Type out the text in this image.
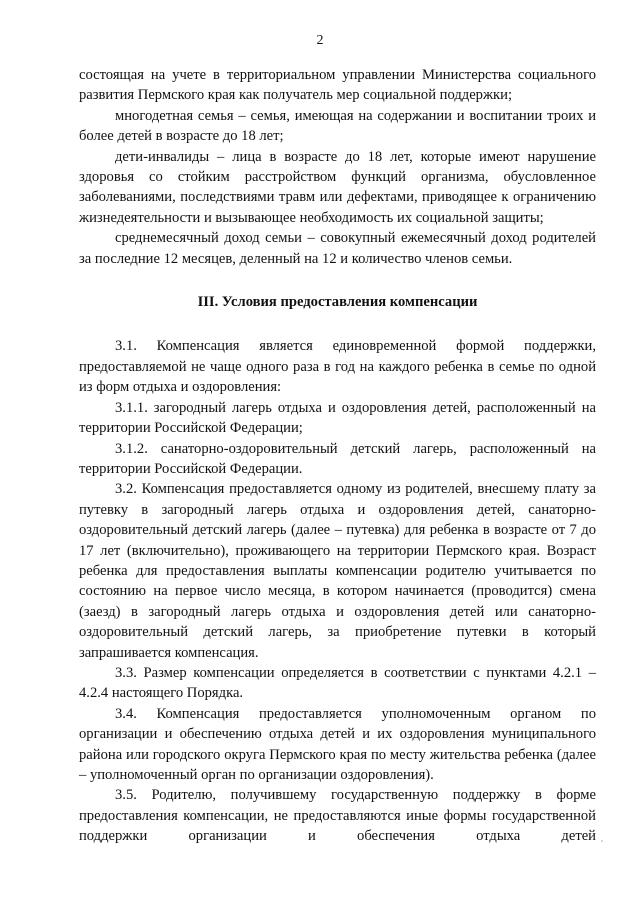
2

состоящая на учете в территориальном управлении Министерства социального развития Пермского края как получатель мер социальной поддержки;

многодетная семья – семья, имеющая на содержании и воспитании троих и более детей в возрасте до 18 лет;

дети-инвалиды – лица в возрасте до 18 лет, которые имеют нарушение здоровья со стойким расстройством функций организма, обусловленное заболеваниями, последствиями травм или дефектами, приводящее к ограничению жизнедеятельности и вызывающее необходимость их социальной защиты;

среднемесячный доход семьи – совокупный ежемесячный доход родителей за последние 12 месяцев, деленный на 12 и количество членов семьи.

III. Условия предоставления компенсации

3.1. Компенсация является единовременной формой поддержки, предоставляемой не чаще одного раза в год на каждого ребенка в семье по одной из форм отдыха и оздоровления:

3.1.1. загородный лагерь отдыха и оздоровления детей, расположенный на территории Российской Федерации;

3.1.2. санаторно-оздоровительный детский лагерь, расположенный на территории Российской Федерации.

3.2. Компенсация предоставляется одному из родителей, внесшему плату за путевку в загородный лагерь отдыха и оздоровления детей, санаторно-оздоровительный детский лагерь (далее – путевка) для ребенка в возрасте от 7 до 17 лет (включительно), проживающего на территории Пермского края. Возраст ребенка для предоставления выплаты компенсации родителю учитывается по состоянию на первое число месяца, в котором начинается (проводится) смена (заезд) в загородный лагерь отдыха и оздоровления детей или санаторно-оздоровительный детский лагерь, за приобретение путевки в который запрашивается компенсация.

3.3. Размер компенсации определяется в соответствии с пунктами 4.2.1 – 4.2.4 настоящего Порядка.

3.4. Компенсация предоставляется уполномоченным органом по организации и обеспечению отдыха детей и их оздоровления муниципального района или городского округа Пермского края по месту жительства ребенка (далее – уполномоченный орган по организации оздоровления).

3.5. Родителю, получившему государственную поддержку в форме предоставления компенсации, не предоставляются иные формы государственной поддержки организации и обеспечения отдыха детей
